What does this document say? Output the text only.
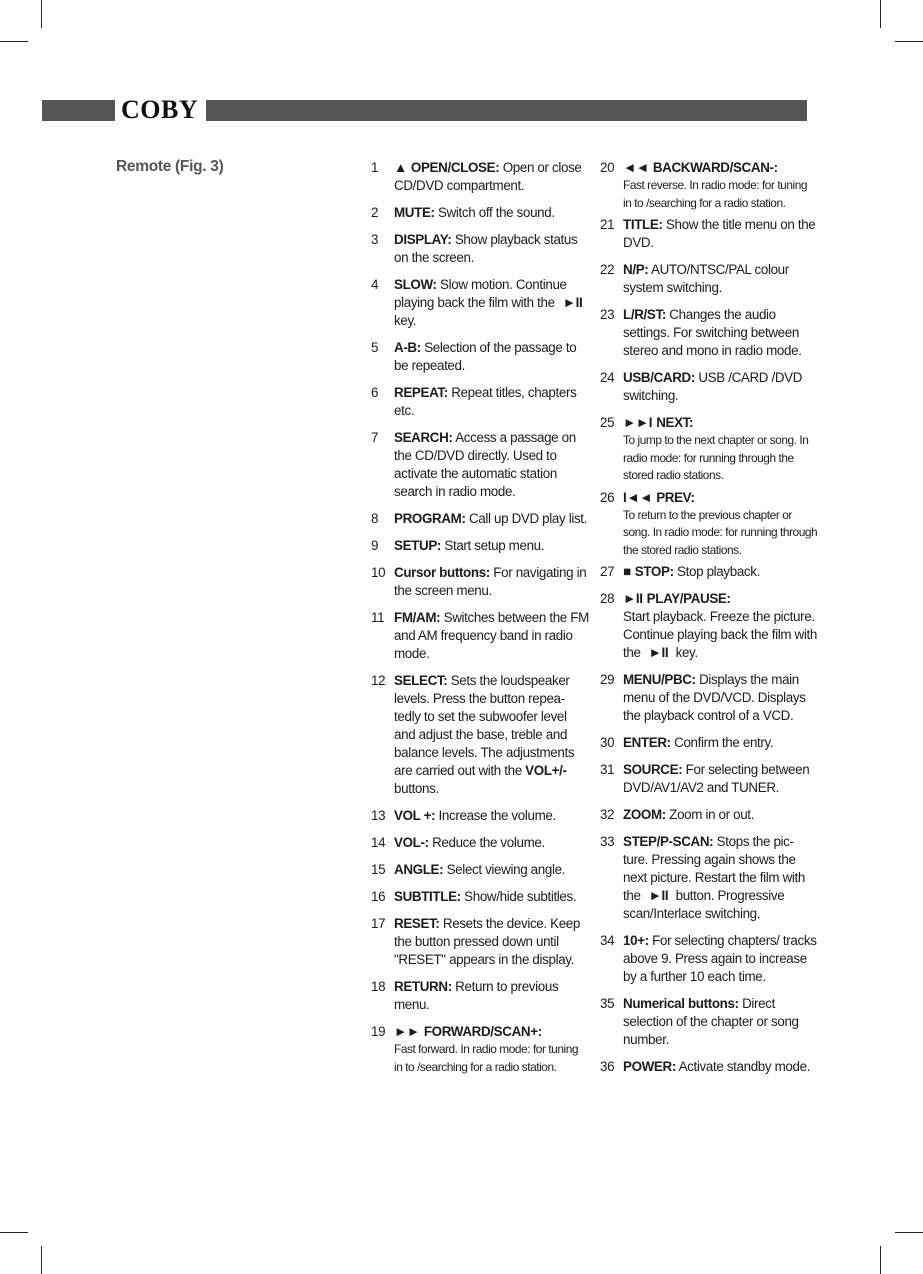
COBY
Remote (Fig. 3)	1 ▲ OPEN/CLOSE: Open or close CD/DVD compartment.
2 MUTE: Switch off the sound.
3 DISPLAY: Show playback status on the screen.
4 SLOW: Slow motion. Continue playing back the film with the ►II key.
5 A-B: Selection of the passage to be repeated.
6 REPEAT: Repeat titles, chapters etc.
7 SEARCH: Access a passage on the CD/DVD directly. Used to activate the automatic station search in radio mode.
8 PROGRAM: Call up DVD play list.
9 SETUP: Start setup menu.
10 Cursor buttons: For navigating in the screen menu.
11 FM/AM: Switches between the FM and AM frequency band in radio mode.
12 SELECT: Sets the loudspeaker levels. Press the button repea-tedly to set the subwoofer level and adjust the base, treble and balance levels. The adjustments are carried out with the VOL+/- buttons.
13 VOL +: Increase the volume.
14 VOL-: Reduce the volume.
15 ANGLE: Select viewing angle.
16 SUBTITLE: Show/hide subtitles.
17 RESET: Resets the device. Keep the button pressed down until "RESET" appears in the display.
18 RETURN: Return to previous menu.
19 ►► FORWARD/SCAN+:
Fast forward. In radio mode: for tuning in to /searching for a radio station.
20 ◄◄ BACKWARD/SCAN-:
Fast reverse. In radio mode: for tuning in to /searching for a radio station.
21 TITLE: Show the title menu on the DVD.
22 N/P: AUTO/NTSC/PAL colour system switching.
23 L/R/ST: Changes the audio settings. For switching between stereo and mono in radio mode.
24 USB/CARD: USB /CARD /DVD switching.
25 ►►I NEXT:
To jump to the next chapter or song. In radio mode: for running through the stored radio stations.
26 I◄◄ PREV:
To return to the previous chapter or song. In radio mode: for running through the stored radio stations.
27 ■ STOP: Stop playback.
28 ►II PLAY/PAUSE:
Start playback. Freeze the picture. Continue playing back the film with the ►II key.
29 MENU/PBC: Displays the main menu of the DVD/VCD. Displays the playback control of a VCD.
30 ENTER: Confirm the entry.
31 SOURCE: For selecting between DVD/AV1/AV2 and TUNER.
32 ZOOM: Zoom in or out.
33 STEP/P-SCAN: Stops the pic-ture. Pressing again shows the next picture. Restart the film with the ►II button. Progressive scan/Interlace switching.
34 10+: For selecting chapters/ tracks above 9. Press again to increase by a further 10 each time.
35 Numerical buttons: Direct selection of the chapter or song number.
36 POWER: Activate standby mode.
